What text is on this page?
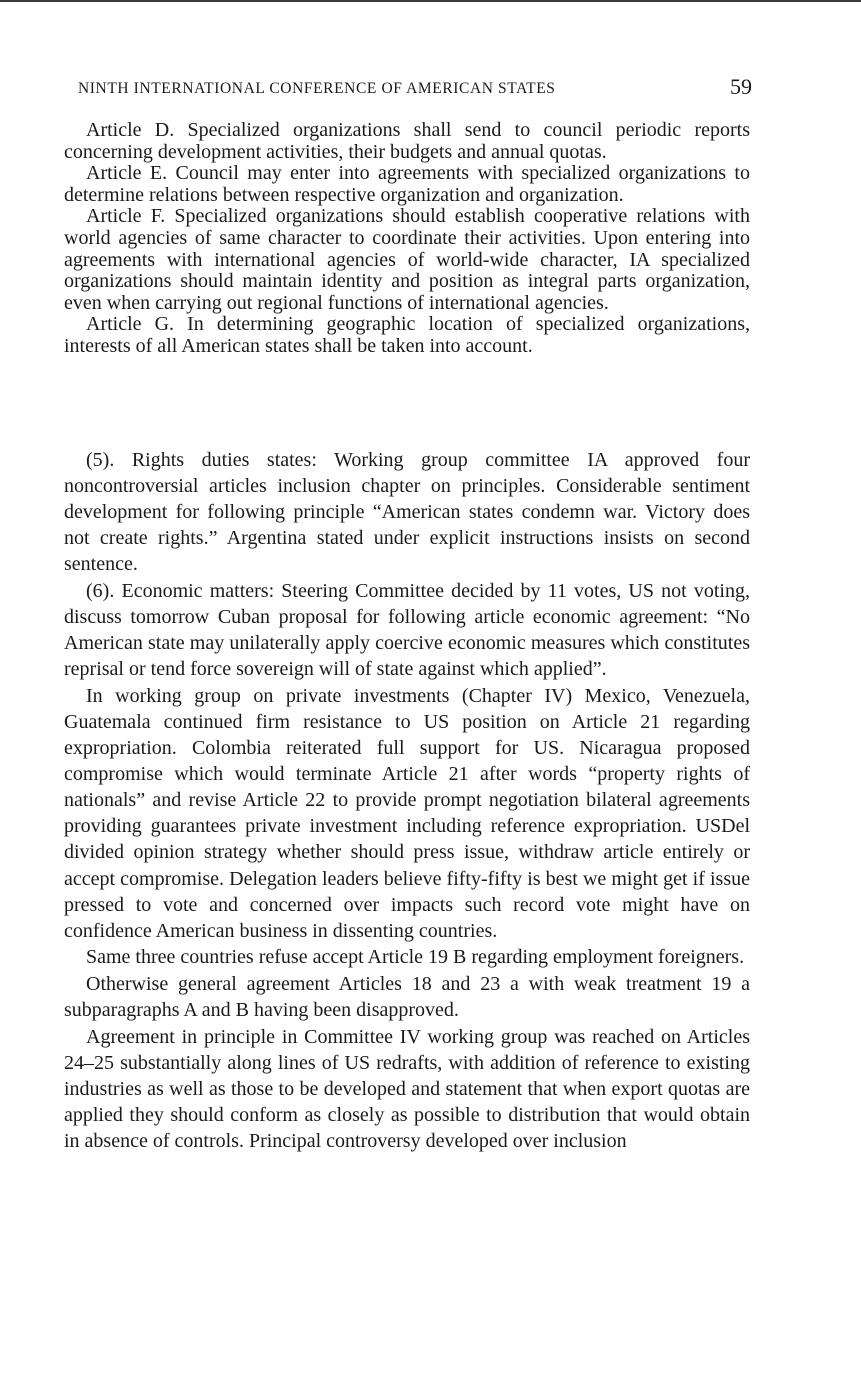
NINTH INTERNATIONAL CONFERENCE OF AMERICAN STATES	59

Article D. Specialized organizations shall send to council periodic reports concerning development activities, their budgets and annual quotas.

Article E. Council may enter into agreements with specialized organizations to determine relations between respective organization and organization.

Article F. Specialized organizations should establish cooperative relations with world agencies of same character to coordinate their activities. Upon entering into agreements with international agencies of world-wide character, IA specialized organizations should maintain identity and position as integral parts organization, even when carrying out regional functions of international agencies.

Article G. In determining geographic location of specialized organizations, interests of all American states shall be taken into account.

(5). Rights duties states: Working group committee IA approved four noncontroversial articles inclusion chapter on principles. Considerable sentiment development for following principle “American states condemn war. Victory does not create rights.” Argentina stated under explicit instructions insists on second sentence.

(6). Economic matters: Steering Committee decided by 11 votes, US not voting, discuss tomorrow Cuban proposal for following article economic agreement: “No American state may unilaterally apply coercive economic measures which constitutes reprisal or tend force sovereign will of state against which applied”.

In working group on private investments (Chapter IV) Mexico, Venezuela, Guatemala continued firm resistance to US position on Article 21 regarding expropriation. Colombia reiterated full support for US. Nicaragua proposed compromise which would terminate Article 21 after words “property rights of nationals” and revise Article 22 to provide prompt negotiation bilateral agreements providing guarantees private investment including reference expropriation. USDel divided opinion strategy whether should press issue, withdraw article entirely or accept compromise. Delegation leaders believe fifty-fifty is best we might get if issue pressed to vote and concerned over impacts such record vote might have on confidence American business in dissenting countries.

Same three countries refuse accept Article 19 B regarding employment foreigners.

Otherwise general agreement Articles 18 and 23 a with weak treatment 19 a subparagraphs A and B having been disapproved.

Agreement in principle in Committee IV working group was reached on Articles 24–25 substantially along lines of US redrafts, with addition of reference to existing industries as well as those to be developed and statement that when export quotas are applied they should conform as closely as possible to distribution that would obtain in absence of controls. Principal controversy developed over inclusion
